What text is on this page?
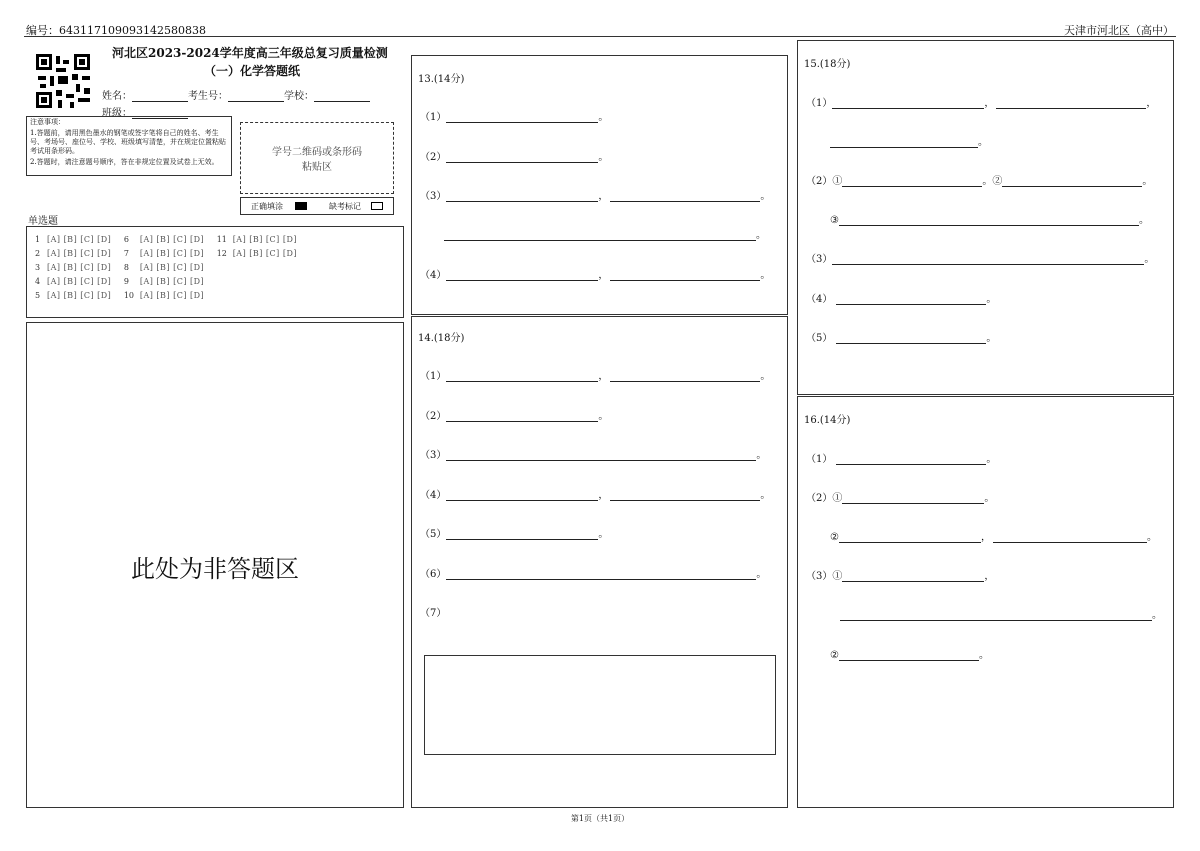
编号：643117109093142580838	天津市河北区（高中）
河北区2023-2024学年度高三年级总复习质量检测
（一）化学答题纸
姓名：	考生号：	学校：
班级：
注意事项：
1.答题前，请用黑色墨水的钢笔或签字笔将自己的姓名、考生号、考场号、座位号、学校、班级填写清楚，并在规定位置粘贴考试用条形码。
2.答题时，请注意题号顺序，答在非规定位置及试卷上无效。
学号二维码或条形码
粘贴区
正确填涂	缺考标记
单选题
1 [A] [B] [C] [D] 6 [A] [B] [C] [D] 11 [A] [B] [C] [D]
2 [A] [B] [C] [D] 7 [A] [B] [C] [D] 12 [A] [B] [C] [D]
3 [A] [B] [C] [D] 8 [A] [B] [C] [D]
4 [A] [B] [C] [D] 9 [A] [B] [C] [D]
5 [A] [B] [C] [D] 10 [A] [B] [C] [D]
此处为非答题区
13.(14分)
（1）	。
（2）	。
（3）	，	。
。
（4）	，	。
14.(18分)
（1）	，	。
（2）	。
（3）	。
（4）	，	。
（5）	。
（6）	。
（7）
15.(18分)
（1）	，	，
。
（2）①	。②	。
③	。
（3）	。
（4）	。
（5）	。
16.(14分)
（1）	。
（2）①	。
②	，	。
（3）①	，
。
②	。
第1页（共1页）
